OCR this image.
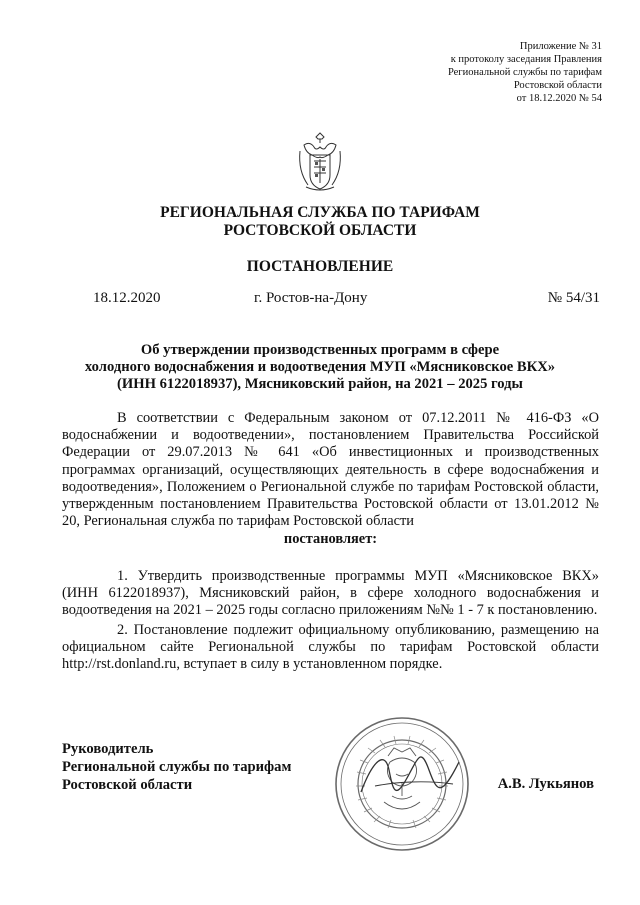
Приложение № 31
к протоколу заседания Правления
Региональной службы по тарифам
Ростовской области
от 18.12.2020 № 54
РЕГИОНАЛЬНАЯ СЛУЖБА ПО ТАРИФАМ
РОСТОВСКОЙ ОБЛАСТИ
ПОСТАНОВЛЕНИЕ
18.12.2020	г. Ростов-на-Дону	№ 54/31
Об утверждении производственных программ в сфере
холодного водоснабжения и водоотведения МУП «Мясниковское ВКХ»
(ИНН 6122018937), Мясниковский район, на 2021 – 2025 годы

В соответствии с Федеральным законом от 07.12.2011 № 416-ФЗ «О водоснабжении и водоотведении», постановлением Правительства Российской Федерации от 29.07.2013 № 641 «Об инвестиционных и производственных программах организаций, осуществляющих деятельность в сфере водоснабжения и водоотведения», Положением о Региональной службе по тарифам Ростовской области, утвержденным постановлением Правительства Ростовской области от 13.01.2012 № 20, Региональная служба по тарифам Ростовской области

постановляет:

1. Утвердить производственные программы МУП «Мясниковское ВКХ» (ИНН 6122018937), Мясниковский район, в сфере холодного водоснабжения и водоотведения на 2021 – 2025 годы согласно приложениям №№ 1 - 7 к постановлению.

2. Постановление подлежит официальному опубликованию, размещению на официальном сайте Региональной службы по тарифам Ростовской области http://rst.donland.ru, вступает в силу в установленном порядке.

Руководитель
Региональной службы по тарифам
Ростовской области	А.В. Лукьянов
